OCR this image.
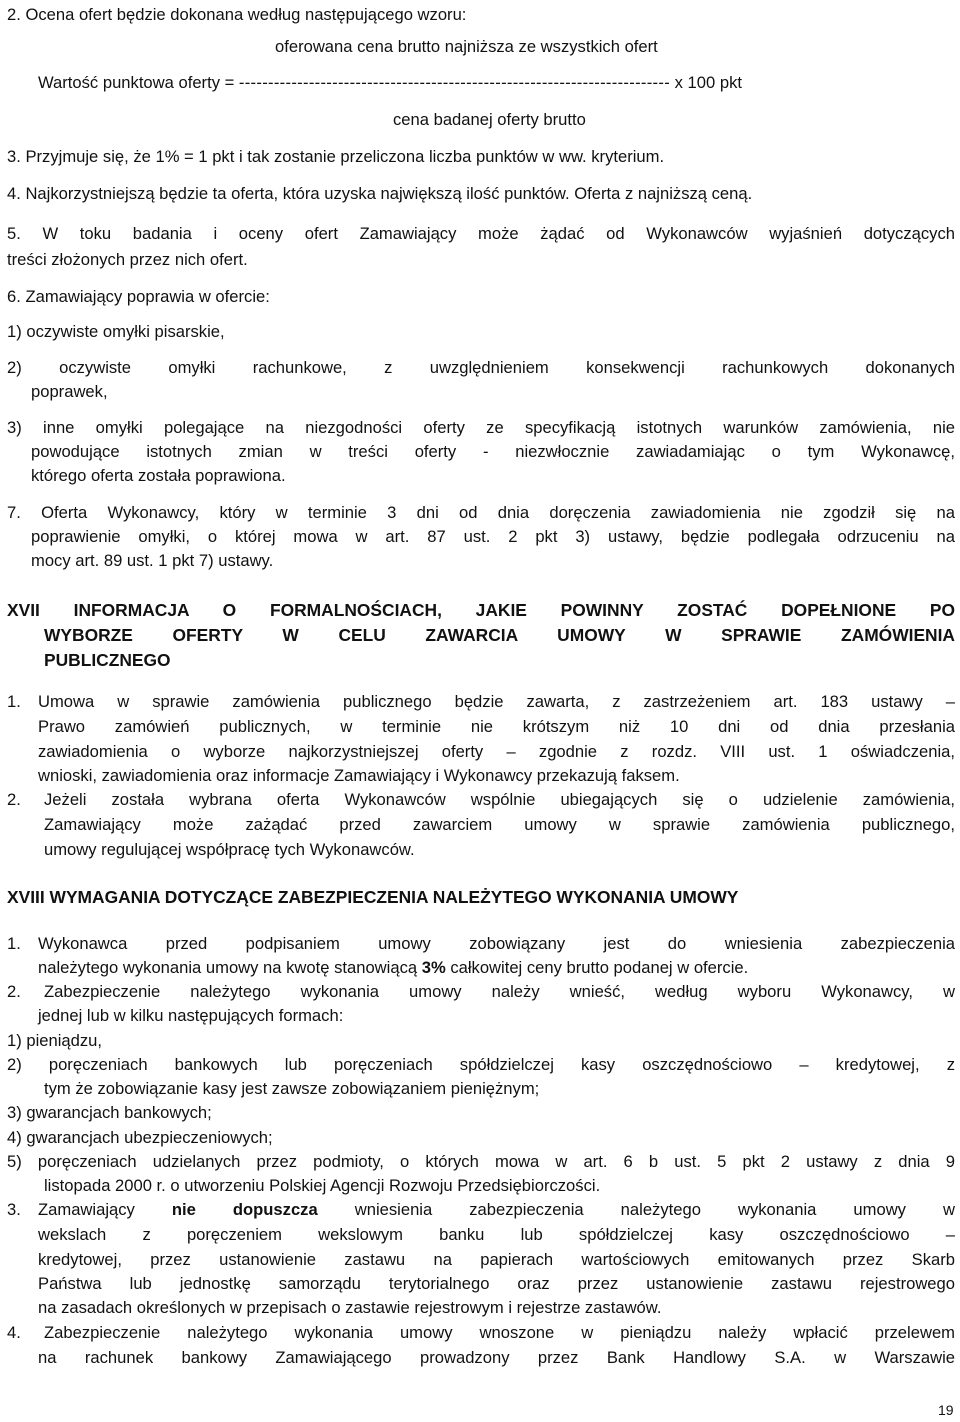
2. Ocena ofert będzie dokonana według następującego wzoru:
oferowana cena brutto najniższa ze wszystkich ofert
Wartość punktowa oferty = -------------------------------------------------------------------------- x 100 pkt
cena badanej oferty brutto
3. Przyjmuje się, że 1% = 1 pkt i tak zostanie przeliczona liczba punktów w ww. kryterium.
4. Najkorzystniejszą będzie ta oferta, która uzyska największą ilość punktów. Oferta z najniższą ceną.
5. W toku badania i oceny ofert Zamawiający może żądać od Wykonawców wyjaśnień dotyczących
treści złożonych przez nich ofert.
6. Zamawiający poprawia w ofercie:
1) oczywiste omyłki pisarskie,
2) oczywiste omyłki rachunkowe, z uwzględnieniem konsekwencji rachunkowych dokonanych
poprawek,
3) inne omyłki polegające na niezgodności oferty ze specyfikacją istotnych warunków zamówienia, nie
powodujące istotnych zmian w treści oferty - niezwłocznie zawiadamiając o tym Wykonawcę,
którego oferta została poprawiona.
7. Oferta Wykonawcy, który w terminie 3 dni od dnia doręczenia zawiadomienia nie zgodził się na
poprawienie omyłki, o której mowa w art. 87 ust. 2 pkt 3) ustawy, będzie podlegała odrzuceniu na
mocy art. 89 ust. 1 pkt 7) ustawy.
XVII INFORMACJA O FORMALNOŚCIACH, JAKIE POWINNY ZOSTAĆ DOPEŁNIONE PO
WYBORZE OFERTY W CELU ZAWARCIA UMOWY W SPRAWIE ZAMÓWIENIA
PUBLICZNEGO
1. Umowa w sprawie zamówienia publicznego będzie zawarta, z zastrzeżeniem art. 183 ustawy –
Prawo zamówień publicznych, w terminie nie krótszym niż 10 dni od dnia przesłania
zawiadomienia o wyborze najkorzystniejszej oferty – zgodnie z rozdz. VIII ust. 1 oświadczenia,
wnioski, zawiadomienia oraz informacje Zamawiający i Wykonawcy przekazują faksem.
2. Jeżeli została wybrana oferta Wykonawców wspólnie ubiegających się o udzielenie zamówienia,
Zamawiający może zażądać przed zawarciem umowy w sprawie zamówienia publicznego,
umowy regulującej współpracę tych Wykonawców.
XVIII WYMAGANIA DOTYCZĄCE ZABEZPIECZENIA NALEŻYTEGO WYKONANIA UMOWY
1. Wykonawca przed podpisaniem umowy zobowiązany jest do wniesienia zabezpieczenia
należytego wykonania umowy na kwotę stanowiącą 3% całkowitej ceny brutto podanej w ofercie.
2. Zabezpieczenie należytego wykonania umowy należy wnieść, według wyboru Wykonawcy, w
jednej lub w kilku następujących formach:
1) pieniądzu,
2) poręczeniach bankowych lub poręczeniach spółdzielczej kasy oszczędnościowo – kredytowej, z
tym że zobowiązanie kasy jest zawsze zobowiązaniem pieniężnym;
3) gwarancjach bankowych;
4) gwarancjach ubezpieczeniowych;
5) poręczeniach udzielanych przez podmioty, o których mowa w art. 6 b ust. 5 pkt 2 ustawy z dnia 9
listopada 2000 r. o utworzeniu Polskiej Agencji Rozwoju Przedsiębiorczości.
3. Zamawiający nie dopuszcza wniesienia zabezpieczenia należytego wykonania umowy w
wekslach z poręczeniem wekslowym banku lub spółdzielczej kasy oszczędnościowo –
kredytowej, przez ustanowienie zastawu na papierach wartościowych emitowanych przez Skarb
Państwa lub jednostkę samorządu terytorialnego oraz przez ustanowienie zastawu rejestrowego
na zasadach określonych w przepisach o zastawie rejestrowym i rejestrze zastawów.
4. Zabezpieczenie należytego wykonania umowy wnoszone w pieniądzu należy wpłacić przelewem
na rachunek bankowy Zamawiającego prowadzony przez Bank Handlowy S.A. w Warszawie
19
